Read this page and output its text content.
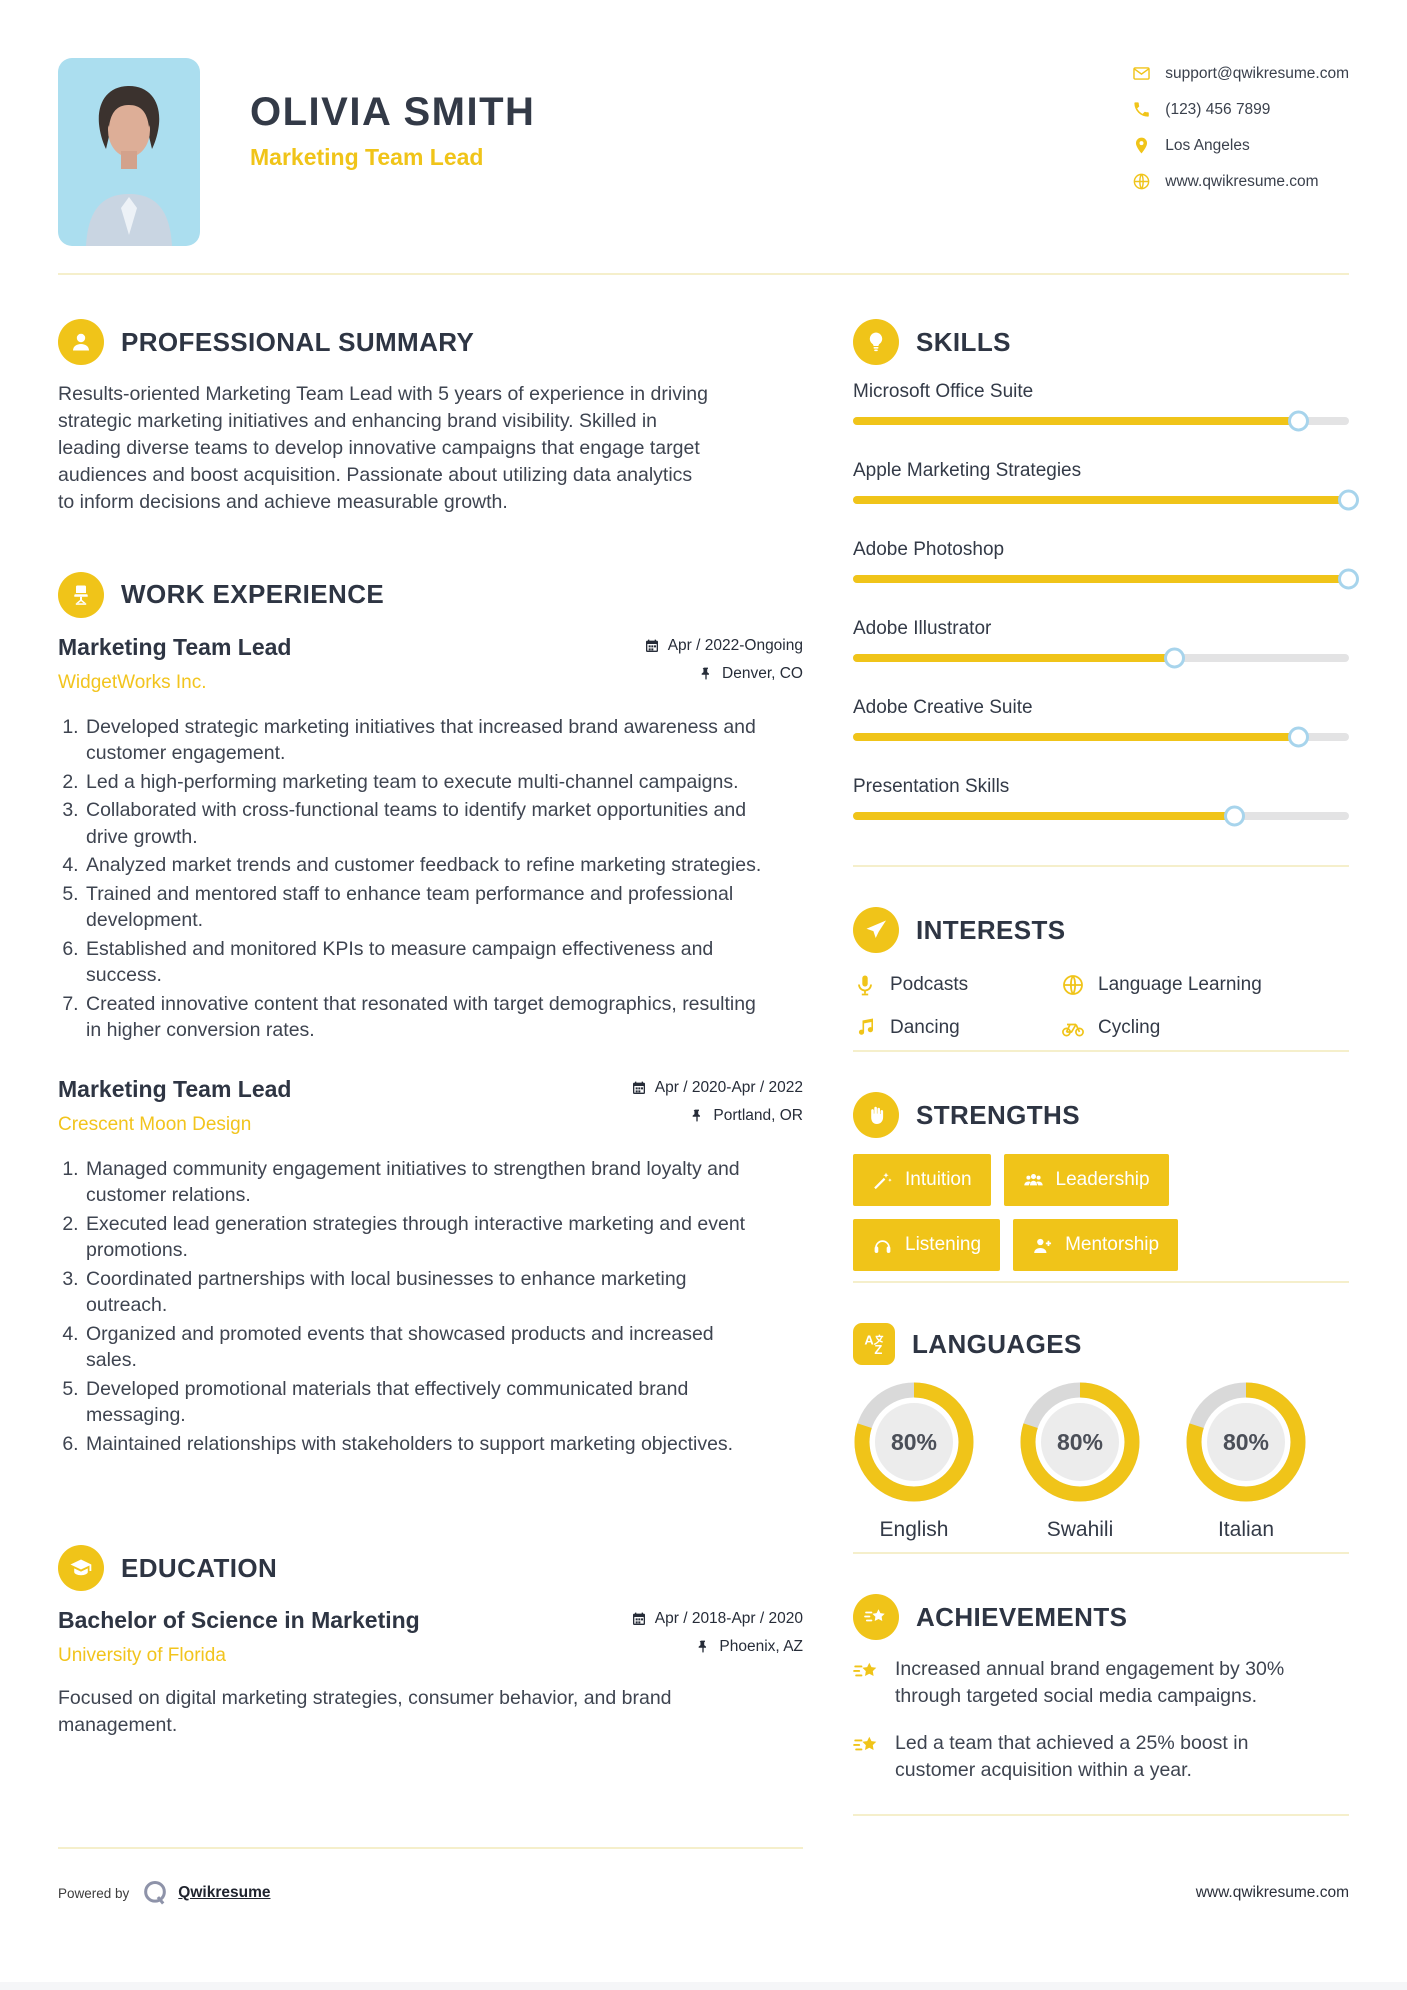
OLIVIA SMITH
Marketing Team Lead
support@qwikresume.com
(123) 456 7899
Los Angeles
www.qwikresume.com
PROFESSIONAL SUMMARY

Results-oriented Marketing Team Lead with 5 years of experience in driving strategic marketing initiatives and enhancing brand visibility. Skilled in leading diverse teams to develop innovative campaigns that engage target audiences and boost acquisition. Passionate about utilizing data analytics to inform decisions and achieve measurable growth.

WORK EXPERIENCE
Marketing Team Lead
WidgetWorks Inc.
Apr / 2022-Ongoing
Denver, CO
1. Developed strategic marketing initiatives that increased brand awareness and customer engagement.
2. Led a high-performing marketing team to execute multi-channel campaigns.
3. Collaborated with cross-functional teams to identify market opportunities and drive growth.
4. Analyzed market trends and customer feedback to refine marketing strategies.
5. Trained and mentored staff to enhance team performance and professional development.
6. Established and monitored KPIs to measure campaign effectiveness and success.
7. Created innovative content that resonated with target demographics, resulting in higher conversion rates.
Marketing Team Lead
Crescent Moon Design
Apr / 2020-Apr / 2022
Portland, OR
1. Managed community engagement initiatives to strengthen brand loyalty and customer relations.
2. Executed lead generation strategies through interactive marketing and event promotions.
3. Coordinated partnerships with local businesses to enhance marketing outreach.
4. Organized and promoted events that showcased products and increased sales.
5. Developed promotional materials that effectively communicated brand messaging.
6. Maintained relationships with stakeholders to support marketing objectives.
EDUCATION
Bachelor of Science in Marketing
University of Florida
Apr / 2018-Apr / 2020
Phoenix, AZ

Focused on digital marketing strategies, consumer behavior, and brand management.

SKILLS
Microsoft Office Suite
Apple Marketing Strategies
Adobe Photoshop
Adobe Illustrator
Adobe Creative Suite
Presentation Skills
INTERESTS
Podcasts	Language Learning
Dancing	Cycling
STRENGTHS
Intuition	Leadership
Listening	Mentorship
A
Z LANGUAGES
80%
English
80%
Swahili
80%
Italian
ACHIEVEMENTS
Increased annual brand engagement by 30% through targeted social media campaigns.
Led a team that achieved a 25% boost in customer acquisition within a year.
Powered by	Qwikresume	www.qwikresume.com
